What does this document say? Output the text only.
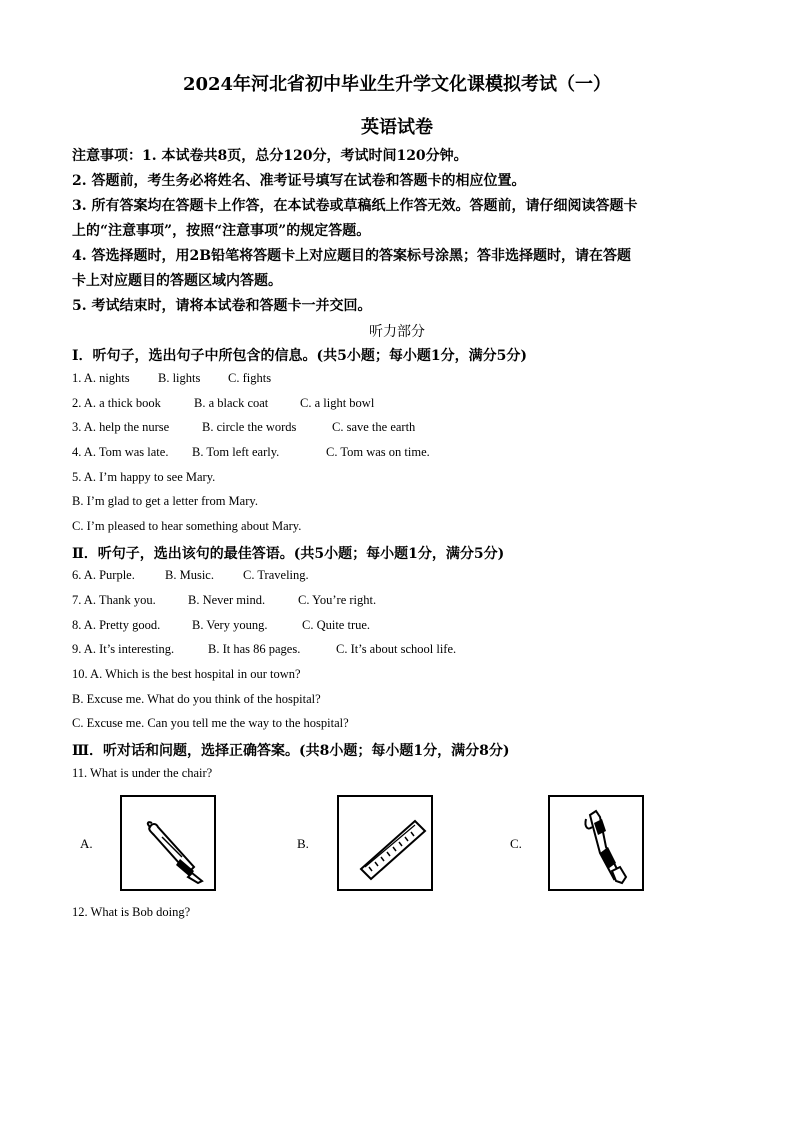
2024年河北省初中毕业生升学文化课模拟考试（一）
英语试卷
注意事项：1. 本试卷共8页，总分120分，考试时间120分钟。
2. 答题前，考生务必将姓名、准考证号填写在试卷和答题卡的相应位置。
3. 所有答案均在答题卡上作答，在本试卷或草稿纸上作答无效。答题前，请仔细阅读答题卡
上的“注意事项”，按照“注意事项”的规定答题。
4. 答选择题时，用2B铅笔将答题卡上对应题目的答案标号涂黑；答非选择题时，请在答题
卡上对应题目的答题区域内答题。
5. 考试结束时，请将本试卷和答题卡一并交回。
听力部分
Ⅰ．听句子，选出句子中所包含的信息。(共5小题；每小题1分，满分5分)
1. A. nights B. lights C. fights
2. A. a thick book	B. a black coat	C. a light bowl
3. A. help the nurse	B. circle the words	C. save the earth
4. A. Tom was late. B. Tom left early.	C. Tom was on time.
5. A. I’m happy to see Mary.
B. I’m glad to get a letter from Mary.
C. I’m pleased to hear something about Mary.
Ⅱ．听句子，选出该句的最佳答语。(共5小题；每小题1分，满分5分)
6. A. Purple. B. Music. C. Traveling.
7. A. Thank you.	B. Never mind.	C. You’re right.
8. A. Pretty good.	B. Very young.	C. Quite true.
9. A. It’s interesting.	B. It has 86 pages.	C. It’s about school life.
10. A. Which is the best hospital in our town?
B. Excuse me. What do you think of the hospital?
C. Excuse me. Can you tell me the way to the hospital?
Ⅲ．听对话和问题，选择正确答案。(共8小题；每小题1分，满分8分)
11. What is under the chair?
A.	B.	C.
12. What is Bob doing?
